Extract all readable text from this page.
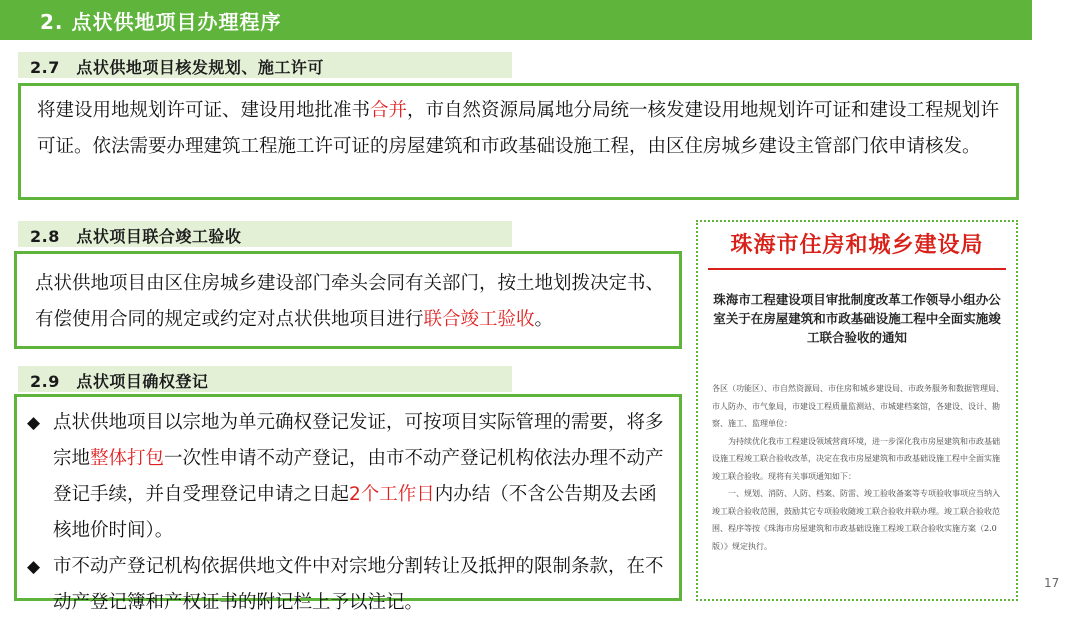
2. 点状供地项目办理程序
2.7　点状供地项目核发规划、施工许可

将建设用地规划许可证、建设用地批准书合并，市自然资源局属地分局统一核发建设用地规划许可证和建设工程规划许可证。依法需要办理建筑工程施工许可证的房屋建筑和市政基础设施工程，由区住房城乡建设主管部门依申请核发。

2.8　点状项目联合竣工验收

点状供地项目由区住房城乡建设部门牵头会同有关部门，按土地划拨决定书、有偿使用合同的规定或约定对点状供地项目进行联合竣工验收。

2.9　点状项目确权登记

◆ 点状供地项目以宗地为单元确权登记发证，可按项目实际管理的需要，将多宗地整体打包一次性申请不动产登记，由市不动产登记机构依法办理不动产登记手续，并自受理登记申请之日起2个工作日内办结（不含公告期及去函核地价时间）。

◆ 市不动产登记机构依据供地文件中对宗地分割转让及抵押的限制条款，在不动产登记簿和产权证书的附记栏上予以注记。

珠海市住房和城乡建设局
珠海市工程建设项目审批制度改革工作领导小组办公室关于在房屋建筑和市政基础设施工程中全面实施竣工联合验收的通知

各区（功能区）、市自然资源局、市住房和城乡建设局、市政务服务和数据管理局、市人防办、市气象局，市建设工程质量监测站、市城建档案馆，各建设、设计、勘察、施工、监理单位：

为持续优化我市工程建设领域营商环境，进一步深化我市房屋建筑和市政基础设施工程竣工联合验收改革，决定在我市房屋建筑和市政基础设施工程中全面实施竣工联合验收。现将有关事项通知如下：

一、规划、消防、人防、档案、防雷、竣工验收备案等专项验收事项应当纳入竣工联合验收范围，鼓励其它专项验收随竣工联合验收并联办理。竣工联合验收范围、程序等按《珠海市房屋建筑和市政基础设施工程竣工联合验收实施方案（2.0版）》规定执行。

17
